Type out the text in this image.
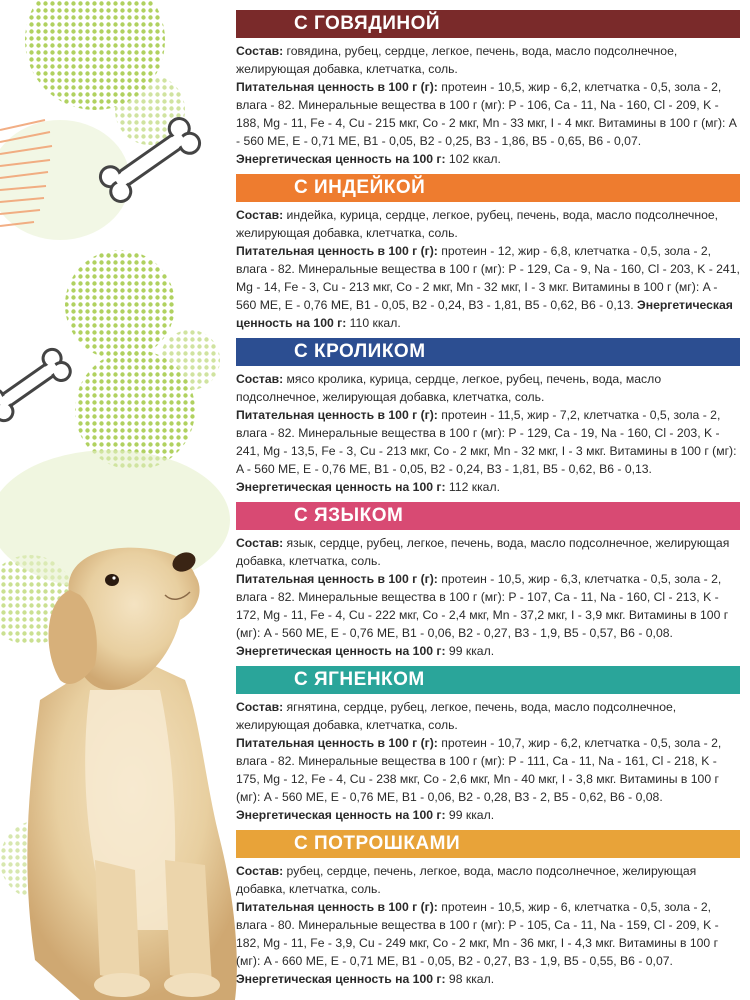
С ГОВЯДИНОЙ

Состав: говядина, рубец, сердце, легкое, печень, вода, масло подсолнечное, желирующая добавка, клетчатка, соль.

Питательная ценность в 100 г (г): протеин - 10,5, жир - 6,2, клетчатка - 0,5, зола - 2, влага - 82. Минеральные вещества в 100 г (мг): P - 106, Ca - 11, Na - 160, Cl - 209, K - 188, Mg - 11, Fe - 4, Cu - 215 мкг, Co - 2 мкг, Mn - 33 мкг, I - 4 мкг. Витамины в 100 г (мг): A - 560 МЕ, E - 0,71 МЕ, B1 - 0,05, B2 - 0,25, B3 - 1,86, B5 - 0,65, B6 - 0,07. Энергетическая ценность на 100 г: 102 ккал.

С ИНДЕЙКОЙ

Состав: индейка, курица, сердце, легкое, рубец, печень, вода, масло подсолнечное, желирующая добавка, клетчатка, соль.

Питательная ценность в 100 г (г): протеин - 12, жир - 6,8, клетчатка - 0,5, зола - 2, влага - 82. Минеральные вещества в 100 г (мг): P - 129, Ca - 9, Na - 160, Cl - 203, K - 241, Mg - 14, Fe - 3, Cu - 213 мкг, Co - 2 мкг, Mn - 32 мкг, I - 3 мкг. Витамины в 100 г (мг): A - 560 МЕ, E - 0,76 МЕ, B1 - 0,05, B2 - 0,24, B3 - 1,81, B5 - 0,62, B6 - 0,13. Энергетическая ценность на 100 г: 110 ккал.

С КРОЛИКОМ

Состав: мясо кролика, курица, сердце, легкое, рубец, печень, вода, масло подсолнечное, желирующая добавка, клетчатка, соль.

Питательная ценность в 100 г (г): протеин - 11,5, жир - 7,2, клетчатка - 0,5, зола - 2, влага - 82. Минеральные вещества в 100 г (мг): P - 129, Ca - 19, Na - 160, Cl - 203, K - 241, Mg - 13,5, Fe - 3, Cu - 213 мкг, Co - 2 мкг, Mn - 32 мкг, I - 3 мкг. Витамины в 100 г (мг): A - 560 МЕ, E - 0,76 МЕ, B1 - 0,05, B2 - 0,24, B3 - 1,81, B5 - 0,62, B6 - 0,13. Энергетическая ценность на 100 г: 112 ккал.

С ЯЗЫКОМ

Состав: язык, сердце, рубец, легкое, печень, вода, масло подсолнечное, желирующая добавка, клетчатка, соль.

Питательная ценность в 100 г (г): протеин - 10,5, жир - 6,3, клетчатка - 0,5, зола - 2, влага - 82. Минеральные вещества в 100 г (мг): P - 107, Ca - 11, Na - 160, Cl - 213, K - 172, Mg - 11, Fe - 4, Cu - 222 мкг, Co - 2,4 мкг, Mn - 37,2 мкг, I - 3,9 мкг. Витамины в 100 г (мг): A - 560 МЕ, E - 0,76 МЕ, B1 - 0,06, B2 - 0,27, B3 - 1,9, B5 - 0,57, B6 - 0,08. Энергетическая ценность на 100 г: 99 ккал.

С ЯГНЕНКОМ

Состав: ягнятина, сердце, рубец, легкое, печень, вода, масло подсолнечное, желирующая добавка, клетчатка, соль.

Питательная ценность в 100 г (г): протеин - 10,7, жир - 6,2, клетчатка - 0,5, зола - 2, влага - 82. Минеральные вещества в 100 г (мг): P - 111, Ca - 11, Na - 161, Cl - 218, K - 175, Mg - 12, Fe - 4, Cu - 238 мкг, Co - 2,6 мкг, Mn - 40 мкг, I - 3,8 мкг. Витамины в 100 г (мг): A - 560 МЕ, E - 0,76 МЕ, B1 - 0,06, B2 - 0,28, B3 - 2, B5 - 0,62, B6 - 0,08. Энергетическая ценность на 100 г: 99 ккал.

С ПОТРОШКАМИ

Состав: рубец, сердце, печень, легкое, вода, масло подсолнечное, желирующая добавка, клетчатка, соль.

Питательная ценность в 100 г (г): протеин - 10,5, жир - 6, клетчатка - 0,5, зола - 2, влага - 80. Минеральные вещества в 100 г (мг): P - 105, Ca - 11, Na - 159, Cl - 209, K - 182, Mg - 11, Fe - 3,9, Cu - 249 мкг, Co - 2 мкг, Mn - 36 мкг, I - 4,3 мкг. Витамины в 100 г (мг): A - 660 МЕ, E - 0,71 МЕ, B1 - 0,05, B2 - 0,27, B3 - 1,9, B5 - 0,55, B6 - 0,07. Энергетическая ценность на 100 г: 98 ккал.
